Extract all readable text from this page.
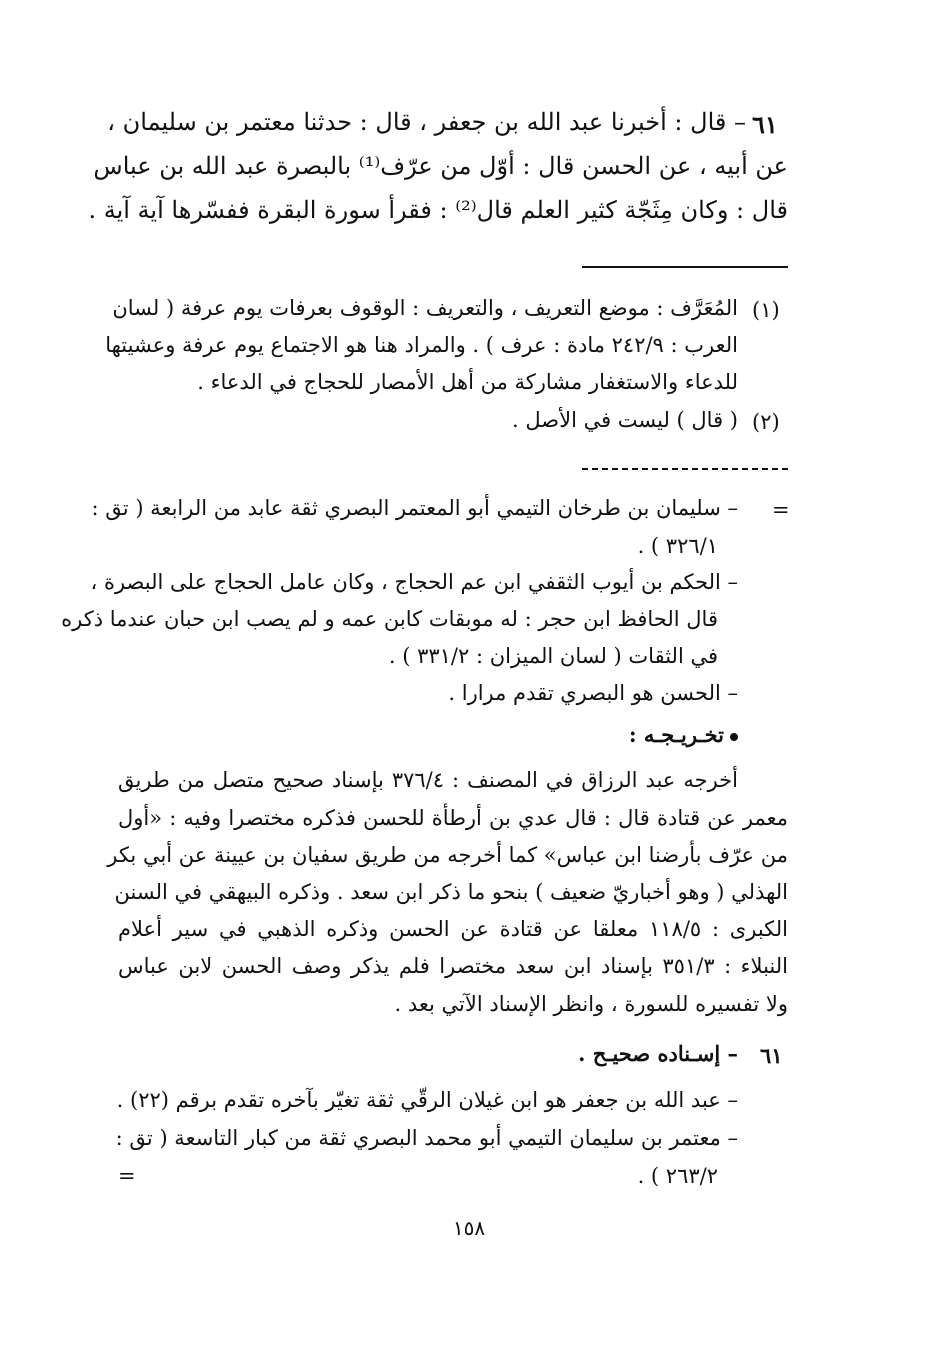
٦١
– قال : أخبرنا عبد الله بن جعفر ، قال : حدثنا معتمر بن سليمان ،
عن أبيه ، عن الحسن قال : أوّل من عرّف⁽¹⁾ بالبصرة عبد الله بن عباس
قال : وكان مِثَجّة كثير العلم قال⁽²⁾ : فقرأ سورة البقرة ففسّرها آية آية .
(١)
المُعَرَّف : موضع التعريف ، والتعريف : الوقوف بعرفات يوم عرفة ( لسان
العرب : ٢٤٢/٩ مادة : عرف ) . والمراد هنا هو الاجتماع يوم عرفة وعشيتها
للدعاء والاستغفار مشاركة من أهل الأمصار للحجاج في الدعاء .
(٢)
( قال ) ليست في الأصل .
=
– سليمان بن طرخان التيمي أبو المعتمر البصري ثقة عابد من الرابعة ( تق :
٣٢٦/١ ) .
– الحكم بن أيوب الثقفي ابن عم الحجاج ، وكان عامل الحجاج على البصرة ،
قال الحافظ ابن حجر : له موبقات كابن عمه و لم يصب ابن حبان عندما ذكره
في الثقات ( لسان الميزان : ٣٣١/٢ ) .
– الحسن هو البصري تقدم مرارا .
تخـريـجـه :
أخرجه عبد الرزاق في المصنف : ٣٧٦/٤ بإسناد صحيح متصل من طريق
معمر عن قتادة قال : قال عدي بن أرطأة للحسن فذكره مختصرا وفيه : «أول
من عرّف بأرضنا ابن عباس» كما أخرجه من طريق سفيان بن عيينة عن أبي بكر
الهذلي ( وهو أخباريّ ضعيف ) بنحو ما ذكر ابن سعد . وذكره البيهقي في السنن
الكبرى : ١١٨/٥ معلقا عن قتادة عن الحسن وذكره الذهبي في سير أعلام
النبلاء : ٣٥١/٣ بإسناد ابن سعد مختصرا فلم يذكر وصف الحسن لابن عباس
ولا تفسيره للسورة ، وانظر الإسناد الآتي بعد .
٦١
– إسـناده صحيـح .
– عبد الله بن جعفر هو ابن غيلان الرقّي ثقة تغيّر بآخره تقدم برقم (٢٢) .
– معتمر بن سليمان التيمي أبو محمد البصري ثقة من كبار التاسعة ( تق :
٢٦٣/٢ ) .
=
١٥٨
